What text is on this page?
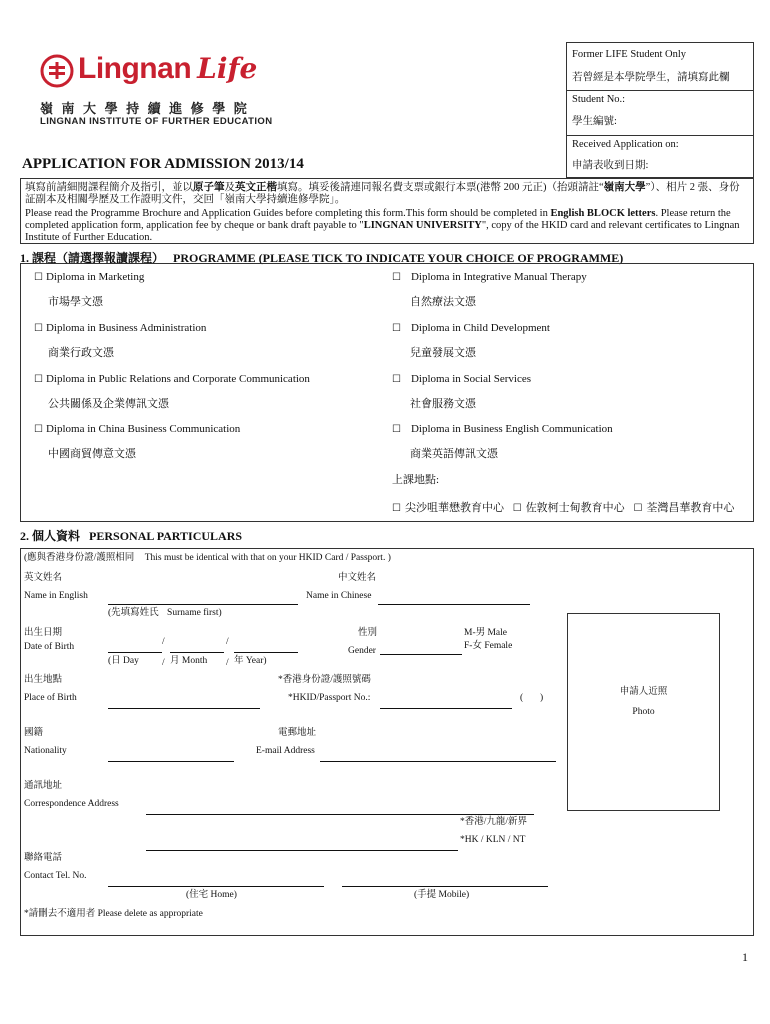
Lingnan Life
嶺 南 大 學 持 續 進 修 學 院
LINGNAN INSTITUTE OF FURTHER EDUCATION
Former LIFE Student Only
若曾經是本學院學生，請填寫此欄
Student No.:
學生編號:
Received Application on:
申請表收到日期:
APPLICATION FOR ADMISSION 2013/14
填寫前請細閱課程簡介及指引，並以原子筆及英文正楷填寫。填妥後請連同報名費支票或銀行本票(港幣 200 元正)（抬頭請註“嶺南大學”）、相片 2 張、身份証副本及相關學歷及工作證明文件，交回「嶺南大學持續進修學院」。
Please read the Programme Brochure and Application Guides before completing this form.This form should be completed in English BLOCK letters. Please return the completed application form, application fee by cheque or bank draft payable to "LINGNAN UNIVERSITY", copy of the HKID card and relevant certificates to Lingnan Institute of Further Education.
1. 課程（請選擇報讀課程） PROGRAMME (PLEASE TICK TO INDICATE YOUR CHOICE OF PROGRAMME)
上課地點:
☐ 尖沙咀華懋教育中心 ☐ 佐敦柯士甸教育中心 ☐ 荃灣昌華教育中心
2. 個人資料 PERSONAL PARTICULARS
(應與香港身份證/護照相同 This must be identical with that on your HKID Card / Passport. )
英文姓名
Name in English
(先填寫姓氏 Surname first)
中文姓名
Name in Chinese
出生日期
Date of Birth	/	/
(日 Day / 月 Month / 年 Year)
性別
Gender
M-男 Male
F-女 Female
申請人近照
Photo
出生地點
Place of Birth
*香港身份證/護照號碼
*HKID/Passport No.:	( )
國籍
Nationality
電郵地址
E-mail Address
通訊地址
Correspondence Address
*香港/九龍/新界
*HK / KLN / NT
聯絡電話
Contact Tel. No.
(住宅 Home)	(手提 Mobile)
*請刪去不適用者 Please delete as appropriate
1
☐ Diploma in Marketing
市場學文憑
☐ Diploma in Business Administration
商業行政文憑
☐ Diploma in Public Relations and Corporate Communication
公共關係及企業傳訊文憑
☐ Diploma in China Business Communication
中國商貿傳意文憑
☐ Diploma in Integrative Manual Therapy
自然療法文憑
☐ Diploma in Child Development
兒童發展文憑
☐ Diploma in Social Services
社會服務文憑
☐ Diploma in Business English Communication
商業英語傳訊文憑
